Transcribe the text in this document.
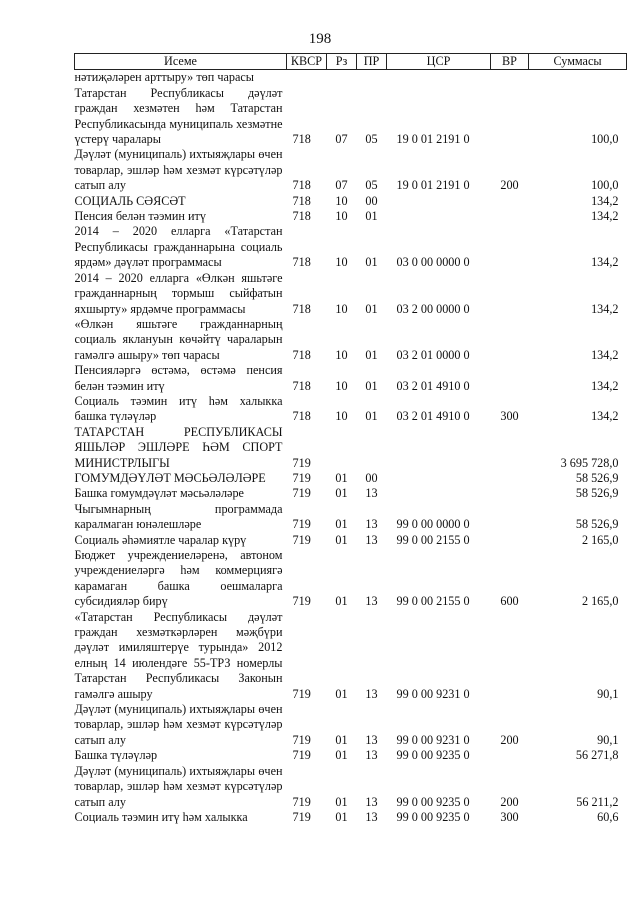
198
Исеме	КВСР	Рз	ПР	ЦСР	ВР	Суммасы
нәтиҗәләрен арттыру» төп чарасы						
Татарстан Республикасы дәүләт граждан хезмәтен һәм Татарстан Республикасында муниципаль хезмәтне үстерү чаралары	718	07	05	19 0 01 2191 0		100,0
Дәүләт (муниципаль) ихтыяҗлары өчен товарлар, эшләр һәм хезмәт күрсәтүләр сатып алу	718	07	05	19 0 01 2191 0	200	100,0
СОЦИАЛЬ СӘЯСӘТ	718	10	00			134,2
Пенсия белән тәэмин итү	718	10	01			134,2
2014 – 2020 елларга «Татарстан Республикасы гражданнарына социаль ярдәм» дәүләт программасы	718	10	01	03 0 00 0000 0		134,2
2014 – 2020 елларга «Өлкән яшьтәге гражданнарның тормыш сыйфатын яхшырту» ярдәмче программасы	718	10	01	03 2 00 0000 0		134,2
«Өлкән яшьтәге гражданнарның социаль яклануын көчәйтү чараларын гамәлгә ашыру» төп чарасы	718	10	01	03 2 01 0000 0		134,2
Пенсияләргә өстәмә, өстәмә пенсия белән тәэмин итү	718	10	01	03 2 01 4910 0		134,2
Социаль тәэмин итү һәм халыкка башка түләүләр	718	10	01	03 2 01 4910 0	300	134,2
ТАТАРСТАН РЕСПУБЛИКАСЫ ЯШЬЛӘР ЭШЛӘРЕ ҺӘМ СПОРТ МИНИСТРЛЫГЫ	719					3 695 728,0
ГОМУМДӘҮЛӘТ МӘСЬӘЛӘЛӘРЕ	719	01	00			58 526,9
Башка гомумдәүләт мәсьәләләре	719	01	13			58 526,9
Чыгымнарның программада каралмаган юнәлешләре	719	01	13	99 0 00 0000 0		58 526,9
Социаль әһәмиятле чаралар күрү	719	01	13	99 0 00 2155 0		2 165,0
Бюджет учреждениеләренә, автоном учреждениеләргә һәм коммерциягә карамаган башка оешмаларга субсидияләр бирү	719	01	13	99 0 00 2155 0	600	2 165,0
«Татарстан Республикасы дәүләт граждан хезмәткәрләрен мәҗбүри дәүләт имиляштерүе турында» 2012 елның 14 июлендәге 55-ТРЗ номерлы Татарстан Республикасы Законын гамәлгә ашыру	719	01	13	99 0 00 9231 0		90,1
Дәүләт (муниципаль) ихтыяҗлары өчен товарлар, эшләр һәм хезмәт күрсәтүләр сатып алу	719	01	13	99 0 00 9231 0	200	90,1
Башка түләүләр	719	01	13	99 0 00 9235 0		56 271,8
Дәүләт (муниципаль) ихтыяҗлары өчен товарлар, эшләр һәм хезмәт күрсәтүләр сатып алу	719	01	13	99 0 00 9235 0	200	56 211,2
Социаль тәэмин итү һәм халыкка	719	01	13	99 0 00 9235 0	300	60,6
